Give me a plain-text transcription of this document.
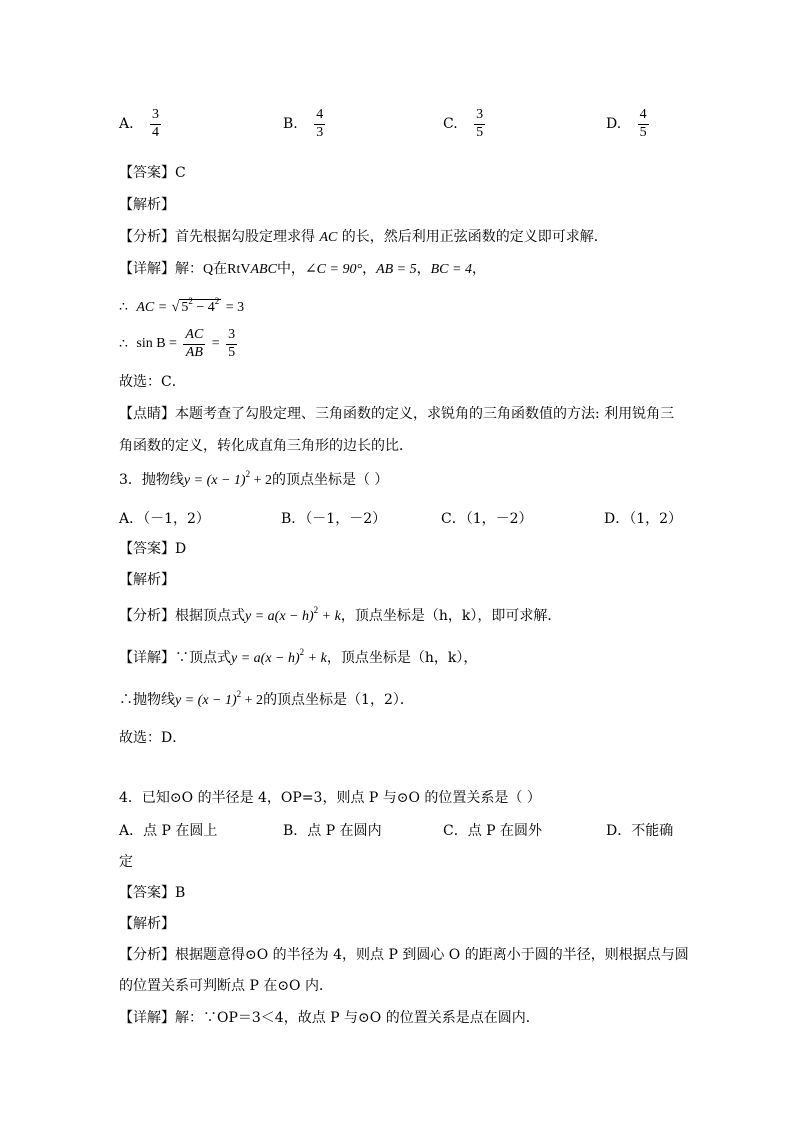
A. $\frac{3}{4}$	B. $\frac{4}{3}$	C. $\frac{3}{5}$	D. $\frac{4}{5}$
【答案】C
【解析】
【分析】首先根据勾股定理求得 AC 的长，然后利用正弦函数的定义即可求解．
【详解】解：Q在RtVABC中，∠C = 90°，AB = 5，BC = 4，
∴ AC = √ $5^2 - 4^2 = 3$
∴ $\sin B = \frac{AC}{AB} = \frac{3}{5}$
故选：C．
【点睛】本题考查了勾股定理、三角函数的定义，求锐角的三角函数值的方法: 利用锐角三
角函数的定义，转化成直角三角形的边长的比．
3．抛物线$y = (x - 1)^2 + 2$的顶点坐标是（ ）
A．（－1，2）	B．（－1，－2）	C．（1，－2）	D．（1，2）
【答案】D
【解析】
【分析】根据顶点式$y = a(x - h)^2 + k$，顶点坐标是（h，k），即可求解．
【详解】∵顶点式$y = a(x - h)^2 + k$，顶点坐标是（h，k），
∴抛物线$y = (x - 1)^2 + 2$的顶点坐标是（1，2）．
故选：D．
4．已知⊙O 的半径是 4，OP=3，则点 P 与⊙O 的位置关系是（ ）
A．点 P 在圆上	B．点 P 在圆内	C．点 P 在圆外	D．不能确
定
【答案】B
【解析】
【分析】根据题意得⊙O 的半径为 4，则点 P 到圆心 O 的距离小于圆的半径，则根据点与圆
的位置关系可判断点 P 在⊙O 内．
【详解】解：∵OP＝3＜4，故点 P 与⊙O 的位置关系是点在圆内．
